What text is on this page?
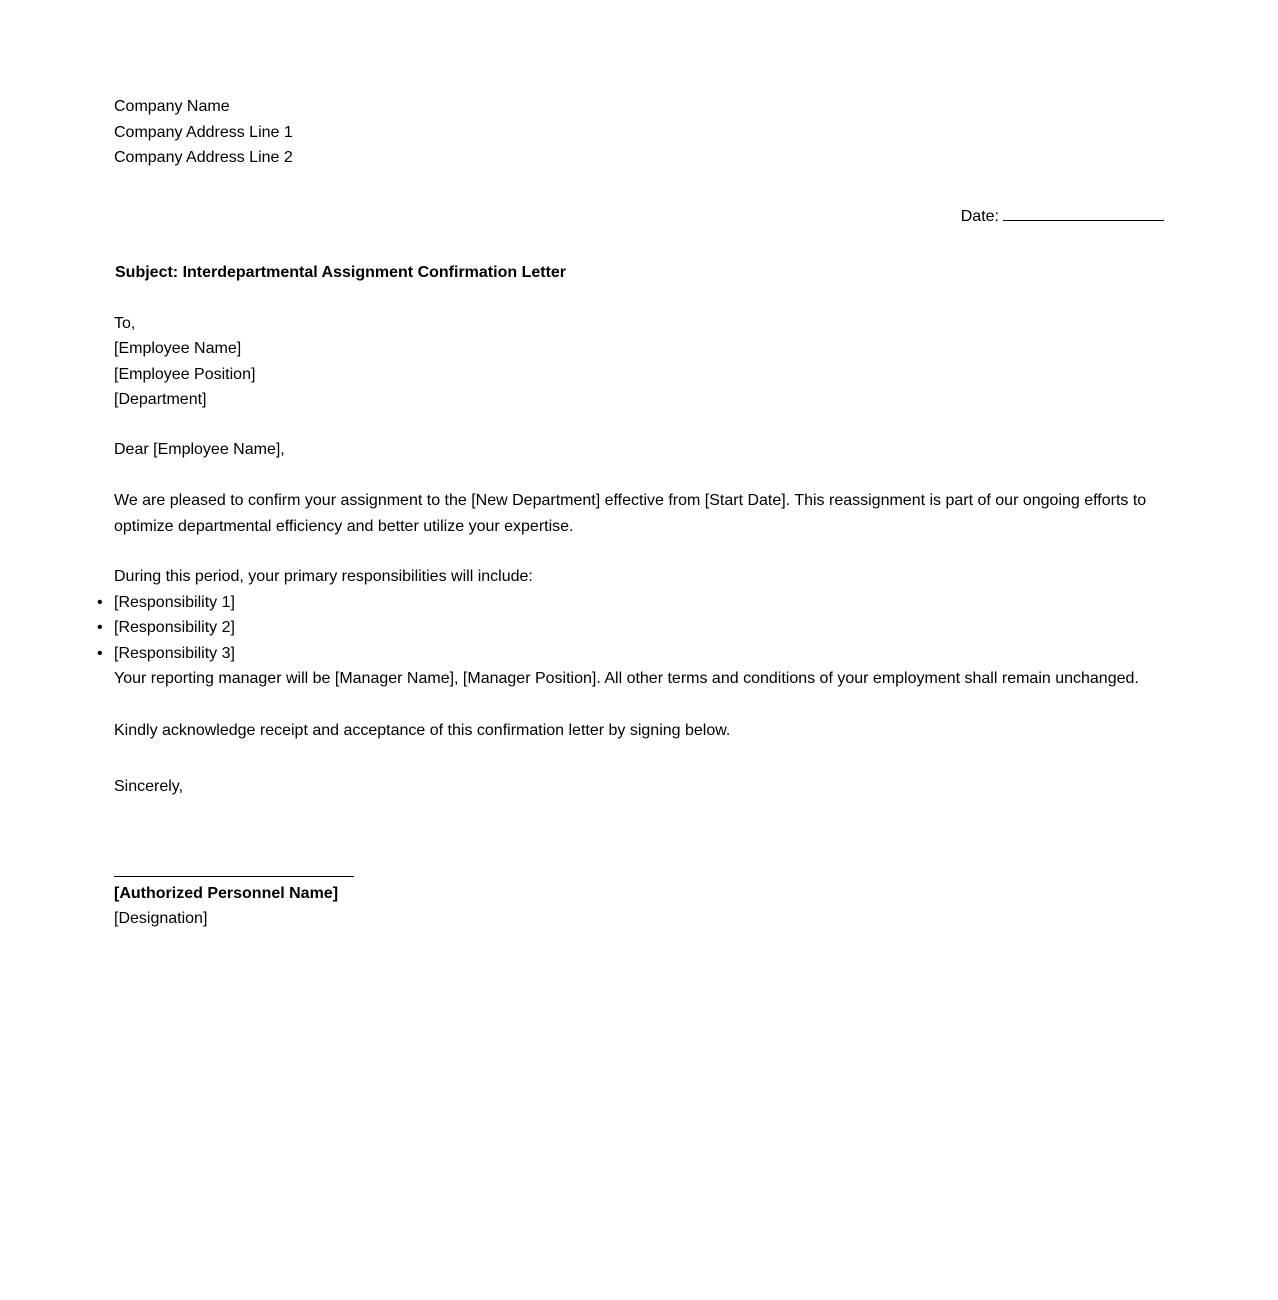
Company Name
Company Address Line 1
Company Address Line 2
Date:
Subject: Interdepartmental Assignment Confirmation Letter
To,
[Employee Name]
[Employee Position]
[Department]
Dear [Employee Name],
We are pleased to confirm your assignment to the [New Department] effective from [Start Date]. This reassignment is part of our ongoing efforts to optimize departmental efficiency and better utilize your expertise.
During this period, your primary responsibilities will include:
• [Responsibility 1]
• [Responsibility 2]
• [Responsibility 3]
Your reporting manager will be [Manager Name], [Manager Position]. All other terms and conditions of your employment shall remain unchanged.
Kindly acknowledge receipt and acceptance of this confirmation letter by signing below.
Sincerely,
[Authorized Personnel Name]
[Designation]
